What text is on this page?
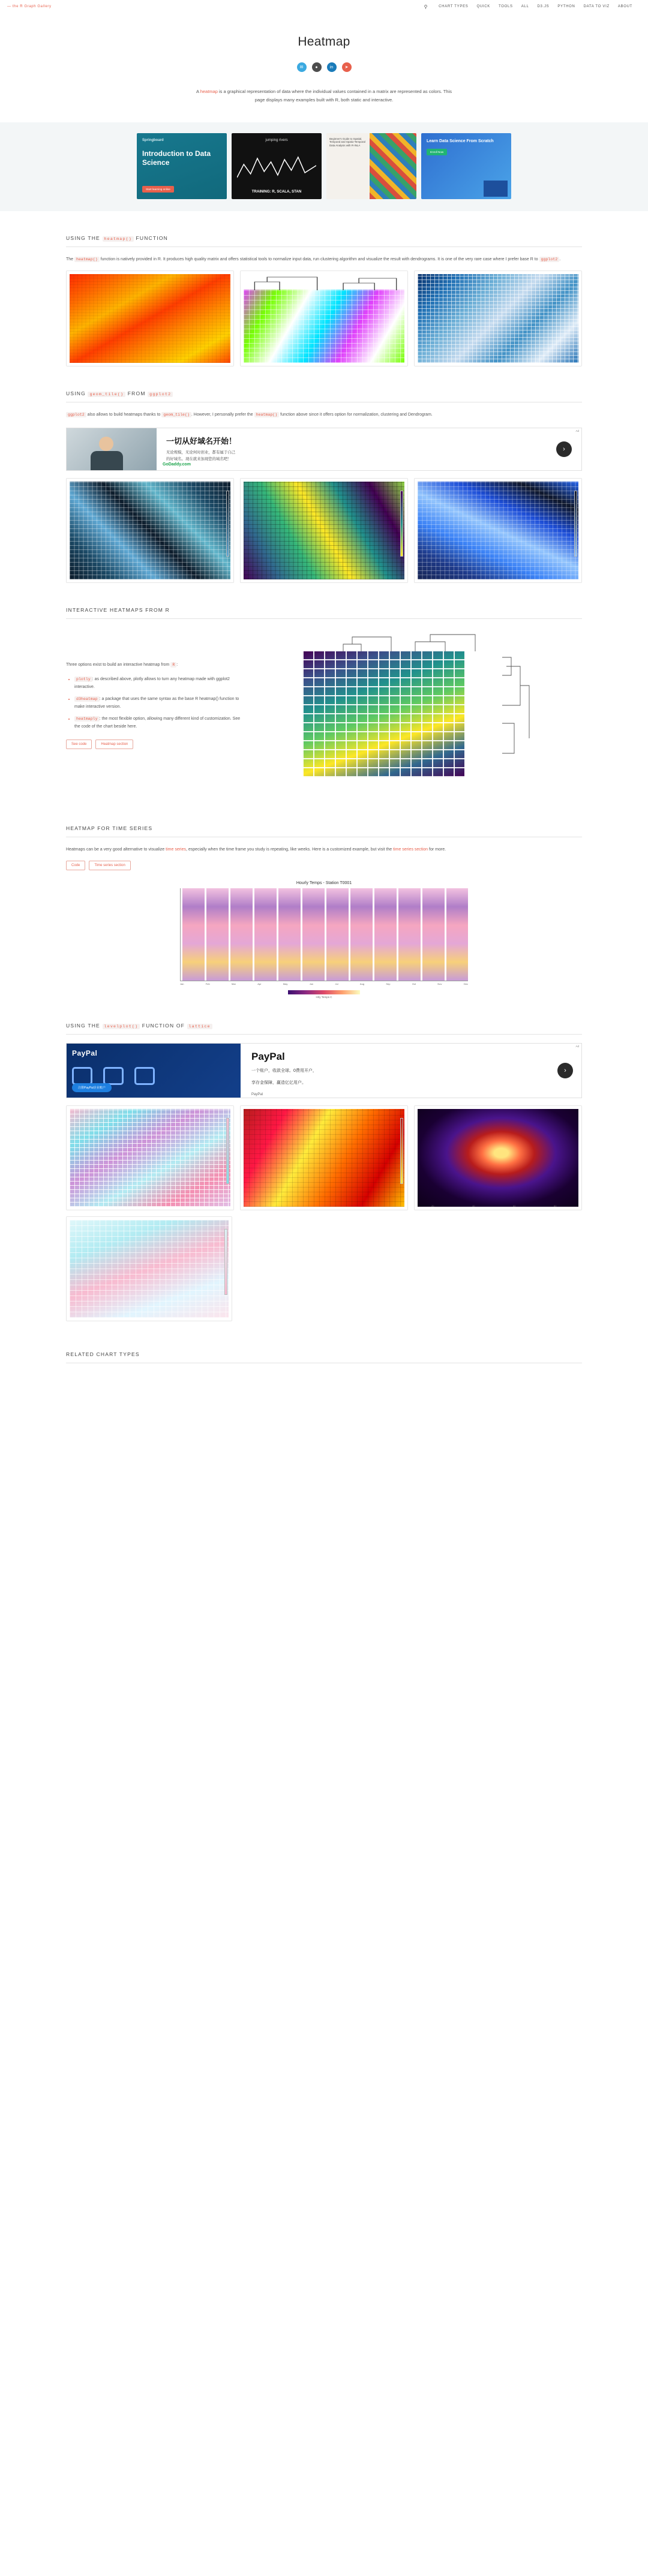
— the R Graph Gallery	⚲	CHART TYPES QUICK TOOLS ALL D3.JS PYTHON DATA TO VIZ ABOUT
Heatmap
✉	●	in	➤

A heatmap is a graphical representation of data where the individual values contained in a matrix are represented as colors. This page displays many examples built with R, both static and interactive.

Springboard
Introduction to Data Science
Start learning online
jumping rivers
TRAINING: R, SCALA, STAN
Beginner's Guide to Spatial, Temporal and Spatio-Temporal Data Analysis with R-INLA
Learn Data Science From Scratch
Enroll Now
USING THE heatmap() FUNCTION

The heatmap() function is natively provided in R. It produces high quality matrix and offers statistical tools to normalize input data, run clustering algorithm and visualize the result with dendrograms. It is one of the very rare case where I prefer base R to ggplot2 .

USING geom_tile() FROM ggplot2

ggplot2 also allows to build heatmaps thanks to geom_tile() . However, I personally prefer the heatmap() function above since it offers option for normalization, clustering and Dendrogram.

Ad
一切从好域名开始！
无论规模，无论何时创业，都有属于自己
的好域名。现在就来加现您的域名吧！
GoDaddy.com
›
INTERACTIVE HEATMAPS FROM R

Three options exist to build an interactive heatmap from R :

• plotly : as described above, plotly allows to turn any heatmap made with ggplot2 interactive.
• d3heatmap : a package that uses the same syntax as the base R heatmap() function to make interactive version.
• heatmaply : the most flexible option, allowing many different kind of customization. See the code of the chart beside here.
See code	Heatmap section
HEATMAP FOR TIME SERIES

Heatmaps can be a very good alternative to visualize time series, especially when the time frame you study is repeating, like weeks. Here is a customized example, but visit the time series section for more.

Code	Time series section
Hourly Temps - Station T0001
Jan	Feb	Mar	Apr	May	Jun	Jul	Aug	Sep	Oct	Nov	Dec
Hrly Temps C
USING THE levelplot() FUNCTION OF lattice
Ad
PayPal
注册PayPal企业账户
PayPal
一个账户，收款全球。0费用开户，
享存金保障，赢造亿亿用户。
PayPal
›
20	40	60	80
RELATED CHART TYPES
